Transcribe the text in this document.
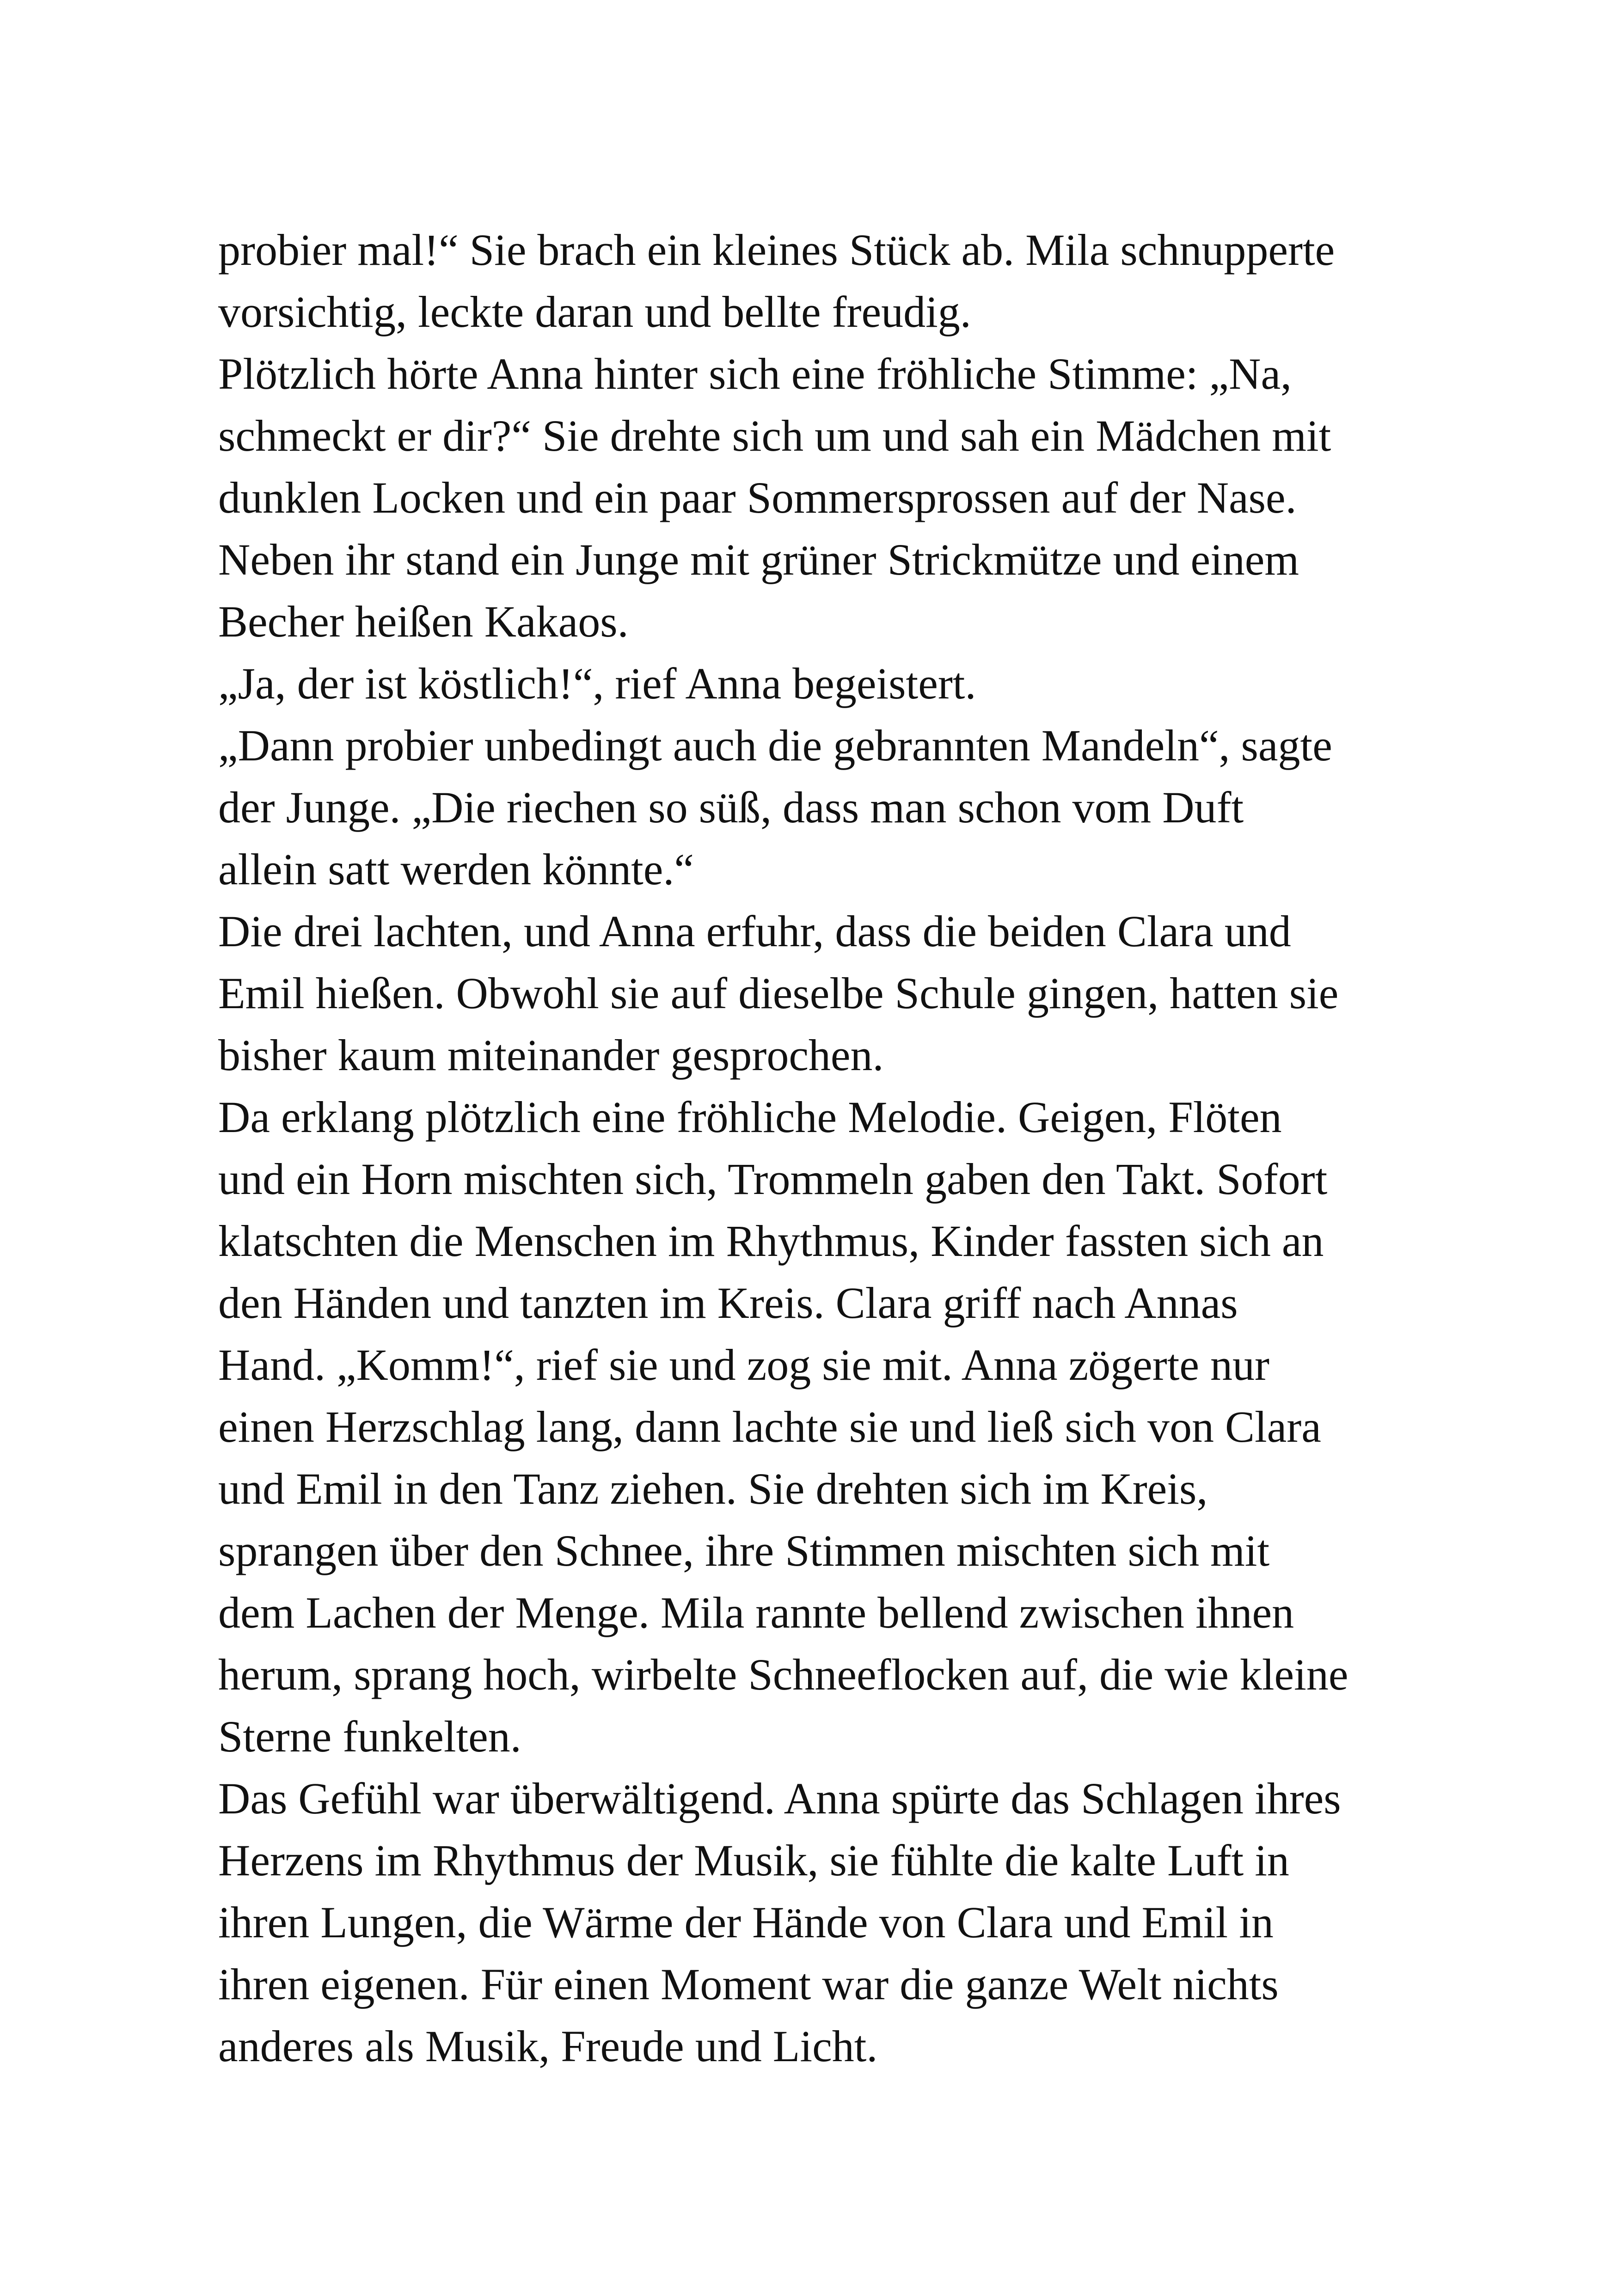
probier mal!“ Sie brach ein kleines Stück ab. Mila schnupperte
vorsichtig, leckte daran und bellte freudig.
Plötzlich hörte Anna hinter sich eine fröhliche Stimme: „Na,
schmeckt er dir?“ Sie drehte sich um und sah ein Mädchen mit
dunklen Locken und ein paar Sommersprossen auf der Nase.
Neben ihr stand ein Junge mit grüner Strickmütze und einem
Becher heißen Kakaos.
„Ja, der ist köstlich!“, rief Anna begeistert.
„Dann probier unbedingt auch die gebrannten Mandeln“, sagte
der Junge. „Die riechen so süß, dass man schon vom Duft
allein satt werden könnte.“
Die drei lachten, und Anna erfuhr, dass die beiden Clara und
Emil hießen. Obwohl sie auf dieselbe Schule gingen, hatten sie
bisher kaum miteinander gesprochen.
Da erklang plötzlich eine fröhliche Melodie. Geigen, Flöten
und ein Horn mischten sich, Trommeln gaben den Takt. Sofort
klatschten die Menschen im Rhythmus, Kinder fassten sich an
den Händen und tanzten im Kreis. Clara griff nach Annas
Hand. „Komm!“, rief sie und zog sie mit. Anna zögerte nur
einen Herzschlag lang, dann lachte sie und ließ sich von Clara
und Emil in den Tanz ziehen. Sie drehten sich im Kreis,
sprangen über den Schnee, ihre Stimmen mischten sich mit
dem Lachen der Menge. Mila rannte bellend zwischen ihnen
herum, sprang hoch, wirbelte Schneeflocken auf, die wie kleine
Sterne funkelten.
Das Gefühl war überwältigend. Anna spürte das Schlagen ihres
Herzens im Rhythmus der Musik, sie fühlte die kalte Luft in
ihren Lungen, die Wärme der Hände von Clara und Emil in
ihren eigenen. Für einen Moment war die ganze Welt nichts
anderes als Musik, Freude und Licht.
